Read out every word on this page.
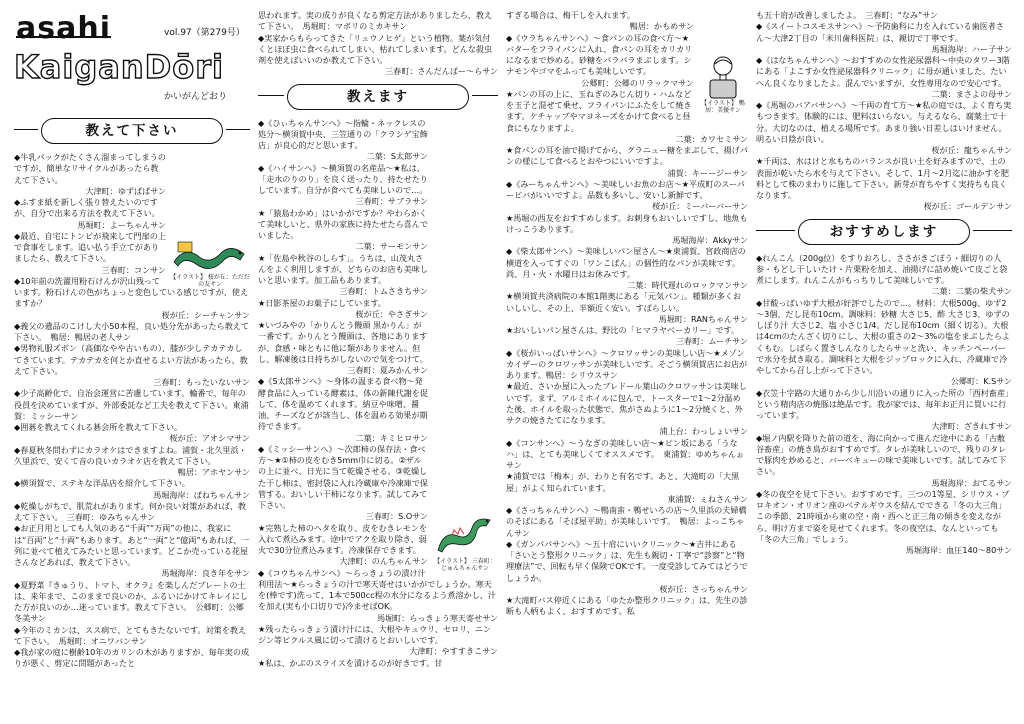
asahi	vol.97（第279号）
KaiganDōri
かいがんどおり
教えて下さい
【イラスト】 桜が丘：ただだの友サン
◆牛乳パックがたくさん溜まってしまうのですが、簡単なリサイクルがあったら教えて下さい。
大津町：ゆずぱぱサン
◆ふすま紙を新しく張り替えたいのですが、自分で出来る方法を教えて下さい。
馬堀町：よーちゃんサン
◆最近、自宅にトンビが飛来して門扉の上で食事をします。追い払う手立てがありましたら、教えて下さい。
三春町：コンサン
◆10年前の洗濯用粉石けんが沢山残っています。粉石けんの色がちょっと変色している感じですが、使えますか？
桜が丘：シーチャンサン
◆義父の遺品のこけし大小50本程、良い処分先があったら教えて下さい。　鴨居：鴨居の老人サン
◆男物礼服ズボン（高価なやや古いもの）、膝が少しテカテカしてきています。テカテカを何とか直せるよい方法があったら、教えて下さい。
三春町：もったいないサン
◆少子高齢化で、自治会運営に苦慮しています。輪番で、毎年の役員を決めていますが、外部委託など工夫を教えて下さい。東浦賀：ミッシーサン
◆囲碁を教えてくれる碁会所を教えて下さい。
桜が丘：アオシマサン
◆春夏秋冬問わずにカラオケはできますよね。浦賀・北久里浜・久里浜で、安くて音の良いカラオケ店を教えて下さい。
鴨居：アホヤンサン
◆横須賀で、ステキな洋品店を紹介して下さい。
馬堀海岸：ぱねちゃんサン
◆乾燥しがちで、肌荒れがあります。何か良い対策があれば、教えて下さい。　三春町：ゆみちゃんサン
◆お正月用としても人気のある“千両”“万両”の他に、我家には“百両”と“十両”もあります。あと“一両”と“億両”もあれば、一列に並べて植えてみたいと思っています。どこか売っている花屋さんなどあれば、教えて下さい。
馬堀海岸：良き年をサン
◆夏野菜『きゅうり、トマト、オクラ』を楽しんだプレートの土は、来年まで、このままで良いのか、ふるいにかけてキレイにした方が良いのか…迷っています。教えて下さい。　公郷町：公郷冬美サン
◆今年のミカンは、スス病で、とてもきたないです。対策を教えて下さい。　馬堀町：オニワバンサン
◆我が家の庭に樹齢10年のカリンの木がありますが、毎年実の成りが悪く、剪定に問題があったと
思われます。実の成りが良くなる剪定方法がありましたら、教えて下さい。　馬堀町：マボリのミカキサン
◆実家からもらってきた「リュウノヒゲ」という植物。葉が気付くとほぼ虫に食べられてしまい、枯れてしまいます。どんな殺虫剤を使えばいいのか教えて下さい。
三春町：さんだんばー～らサン
教えます
【イラスト】 三春町： じゅんちゃんサン
◆《ひぃちゃんサンへ》～指輪・ネックレスの処分～横須賀中央、三笠通りの「クラシゲ宝飾店」が良心的だと思います。
二葉：S太郎サン
◆《ハイサンへ》～横須賀の名産品～★私は、「走水のりのり」を良く送ったり、持たせたりしています。自分が食べても美味しいので…。
三春町：サブラサン
★「猿島わかめ」はいかがですか？やわらかくて美味しいと、県外の家族に持たせたら喜んでいました。
二葉：サーモンサン
★「佐島や秋谷のしらす」。うちは、山茂丸さんをよく利用しますが、どちらのお店も美味しいと思います。加工品もあります。
三春町：トムさきちサン
★日影茶屋のお菓子にしています。
桜が丘：やさぎサン
★いづみやの「かりんとう饅頭 黒かりん」が一番です。かりんとう饅頭は、各地にありますが、食感・味ともに他に類がありません。但し、解凍後は日持ちがしないので気をつけて。
三春町：夏みかんサン
◆《S太郎サンへ》～身体の温まる食べ物～発酵食品に入っている酵素は、体の新陳代謝を促して、体を温めてくれます。納豆や味噌、醤油、チーズなどが該当し、体を温める効果が期待できます。
二葉：キミヒロサン
◆《ミッシーサンへ》～次郎柿の保存法・食べ方～★①柿の皮をむき5mm巾に切る。②ザルの上に並べ、日光に当て乾燥させる。③乾燥した干し柿は、密封袋に入れ冷蔵庫や冷凍庫で保管する。おいしい干柿になります。試してみて下さい。
三春町：S.Oサン
★完熟した柿のヘタを取り、皮をむきレモンを入れて煮込みます。途中でアクを取り除き、弱火で30分位煮込みます。冷凍保存できます。
大津町：のんちゃんサン
◆《コウちゃんサンへ》～らっきょうの漬け汁利用法～★らっきょうの汁で寒天寄せはいかがでしょうか。寒天を(棒です)洗って、1本で500cc程の水分になるよう煮溶かし、汁を加え(実も小口切りで)冷ませばOK。
馬堀町：らっきょう寒天寄せサン
★残ったらっきょう漬け汁には、大根やキュウリ、セロリ、ニンジン等ピクルス風に切って漬けるとおいしいです。
大津町：やすすきこサン
★私は、かぶのスライスを漬けるのが好きです。甘
【イラスト】 鴨居：美優サン
すぎる場合は、梅干しを入れます。
鴨居：かもめサン
◆《ウラちゃんサンへ》～食パンの耳の食べ方～★バターをフライパンに入れ、食パンの耳をカリカリになるまで炒める。砂糖をパラパラまぶします。シナモンやゴマをふっても美味しいです。
公郷町：公郷のリラックマサン
★パンの耳の上に、玉ねぎのみじん切り・ハムなどを玉子と混ぜて乗せ、フライパンにふたをして焼きます。ケチャップやマヨネーズをかけて食べると昼食にもなりますよ。
二葉：カワセミサン
★食パンの耳を油で揚げてから、グラニュー糖をまぶして、揚げパンの様にして食べるとおやつにいいですよ。
浦賀：キーージーサン
◆《みーちゃんサンへ》～美味しいお魚のお店～★平成町のスーパービバがいいですよ。品数も多いし、安いし新鮮です。
桜が丘：ミーバーバーサン
★馬堀の西友をおすすめします。お刺身もおいしいですし、地魚もけっこうあります。
馬堀海岸：Akkyサン
◆《柴太郎サンへ》～美味しいパン屋さん～★東浦賀、宮政商店の横道を入ってすぐの「ワンこぱん」の個性的なパンが美味です。尚、月・火・水曜日はお休みです。
二葉：時代遅れのロックマンサン
★横須賀共済病院の本館1階奥にある「元気パン」。種類が多くおいしいし、その上、半額近く安い。すばらしい。
馬堀町：RANちゃんサン
★おいしいパン屋さんは、野比の「ヒマラヤベーカリー」です。
三春町：ムーチサン
◆《桜がいっぱいサンへ》～クロワッサンの美味しい店～★メゾンカイザーのクロワッサンが美味しいです。そごう横須賀店にお店があります。鴨居：シリウスサン
★最近、さいか屋に入ったブレドール葉山のクロワッサンは美味しいです。まず、アルミホイルに包んで、トースターで1～2分温めた後、ホイルを取った状態で、焦がさぬように1～2分焼くと、外サクの焼きたてになります。
浦上台：わっしょいサン
◆《コンサンへ》～うなぎの美味しい店～★ビン坂にある「うなハ」は、とても美味しくてオススメです。　東浦賀：ゆめちゃんぉサン
★浦賀では「梅本」が、わりと有名です。あと、大滝町の「大黒屋」がよく知られています。
東浦賀：ぇねさんサン
◆《さっちゃんサンへ》～鴨南蛮・鴨せいろの店～久里浜の夫婦橋のそばにある「そば屋平助」が美味しいです。　鴨居：よっこちゃんサン
◆《ガンパパサンへ》～五十肩にいいクリニック～★吉井にある「さいとう整形クリニック」は、先生も親切・丁寧で“診察”と“物理療法”で、回転も早く保険でOKです。一度受診してみてはどうでしょうか。
桜が丘：さっちゃんサン
★大滝町バス停近くにある「ゆたか整形クリニック」は、先生の診断も人柄もよく、おすすめです。私
も五十肩が改善しましたよ。　三春町：“なみ”サン
◆《スイートコスモスサンへ》～予防歯科に力を入れている歯医者さん～大津2丁目の「米川歯科医院」は、親切で丁寧です。
馬堀海岸：ハー子サン
◆《はなちゃんサンへ》～おすすめの女性泌尿器科～中央のタワー3階にある「よこすか女性泌尿器科クリニック」に母が通いました。たいへん良くなりましたよ。混んでいますが、女性専用なので安心です。
二葉：まさよの母サン
◆《馬堀のバアバサンへ》～千両の育て方～★私の庭では、よく育ち実もつきます。体験的には、肥料はいらない。与えるなら、腐葉土で十分。大切なのは、植える場所です。あまり強い日差しはいけません。明るい日陰が良い。
桜が丘：龍ちゃんサン
★千両は、水はけと水もちのバランスが良い土を好みますので、土の表面が乾いたら水を与えて下さい。そして、1月～2月迄に油かすを肥料として株のまわりに施して下さい。新芽が育ちやすく実持ちも良くなります。
桜が丘：ゴールデンサン
おすすめします
◆れんこん（200g位）をすりおろし、ささがきごぼう・細切りの人参・もどし干しいたけ・片栗粉を加え、油揚げに詰め焼いて皮ごと袋煮にします。れんこんがもっちりして美味しいです。
二葉：二葉の柴犬サン
◆甘酸っぱいゆず大根が好評でしたので…。材料：大根500g、ゆず2～3個、だし昆布10cm。調味料：砂糖 大さじ5、酢 大さじ3、ゆずのしぼり汁 大さじ2、塩 小さじ1/4。だし昆布10cm（細く切る）。大根は4cmのたんざく切りにし、大根の重さの2～3%の塩をまぶしたらよくもむ。しばらく置きしんなりしたらサッと洗い、キッチンペーパーで水分を拭き取る。調味料と大根をジップロックに入れ、冷蔵庫で冷やしてから召し上がって下さい。
公郷町：K.Sサン
◆衣笠十字路の大通りから少し川沿いの通りに入った所の「西村畜産」という精肉店の焼豚は絶品です。我が家では、毎年お正月に買いに行っています。
大津町：ざきれすサン
◆堀ノ内駅を降りた前の道を、海に向かって進んだ途中にある「古敷谷畜産」の焼き鳥がおすすめです。タレが美味しいので、残りのタレで豚肉を炒めると、バーベキューの味で美味しいです。試してみて下さい。
馬堀海岸：おてるサン
◆冬の夜空を見て下さい。おすすめです。三つの1等星、シリウス・プロキオン・オリオン座のベテルギウスを結んでできる「冬の大三角」この季節、21時頃から東の空・南・西へと正三角の傾きを変えながら、明け方まで姿を見せてくれます。冬の夜空は、なんといっても「冬の大三角」でしょう。
馬堀海岸：血圧140～80サン
